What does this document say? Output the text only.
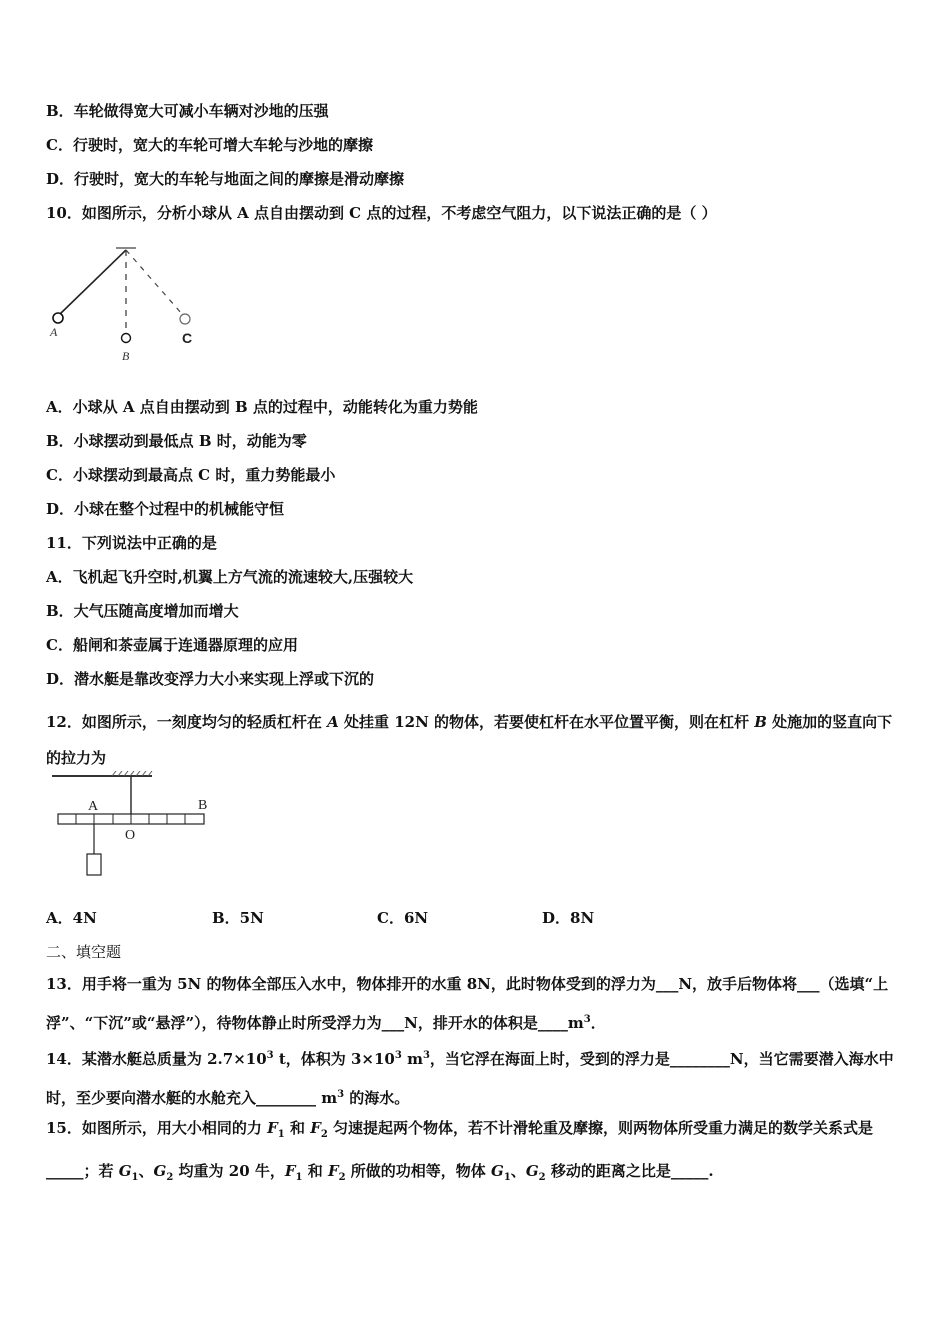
B．车轮做得宽大可减小车辆对沙地的压强
C．行驶时，宽大的车轮可增大车轮与沙地的摩擦
D．行驶时，宽大的车轮与地面之间的摩擦是滑动摩擦
10．如图所示，分析小球从 A 点自由摆动到 C 点的过程，不考虑空气阻力，以下说法正确的是（ ）
A
B
C
A．小球从 A 点自由摆动到 B 点的过程中，动能转化为重力势能
B．小球摆动到最低点 B 时，动能为零
C．小球摆动到最高点 C 时，重力势能最小
D．小球在整个过程中的机械能守恒
11．下列说法中正确的是
A．飞机起飞升空时,机翼上方气流的流速较大,压强较大
B．大气压随高度增加而增大
C．船闸和茶壶属于连通器原理的应用
D．潜水艇是靠改变浮力大小来实现上浮或下沉的
12．如图所示，一刻度均匀的轻质杠杆在 A 处挂重 12N 的物体，若要使杠杆在水平位置平衡，则在杠杆 B 处施加的竖直向下的拉力为
A	B
O
A．4N	B．5N	C．6N	D．8N
二、填空题
13．用手将一重为 5N 的物体全部压入水中，物体排开的水重 8N，此时物体受到的浮力为___N，放手后物体将___（选填“上浮”、“下沉”或“悬浮”），待物体静止时所受浮力为___N，排开水的体积是$\_\_\_\_m^3$．
14．某潜水艇总质量为 $2.7\times 10^3$ t，体积为 $3\times 10^3$ $m^3$，当它浮在海面上时，受到的浮力是________N，当它需要潜入海水中时，至少要向潜水艇的水舱充入________ $m^3$ 的海水。
15．如图所示，用大小相同的力 $F_1$ 和 $F_2$ 匀速提起两个物体，若不计滑轮重及摩擦，则两物体所受重力满足的数学关系式是_____；若 $G_1$、$G_2$ 均重为 20 牛，$F_1$ 和 $F_2$ 所做的功相等，物体 $G_1$、$G_2$ 移动的距离之比是_____.
